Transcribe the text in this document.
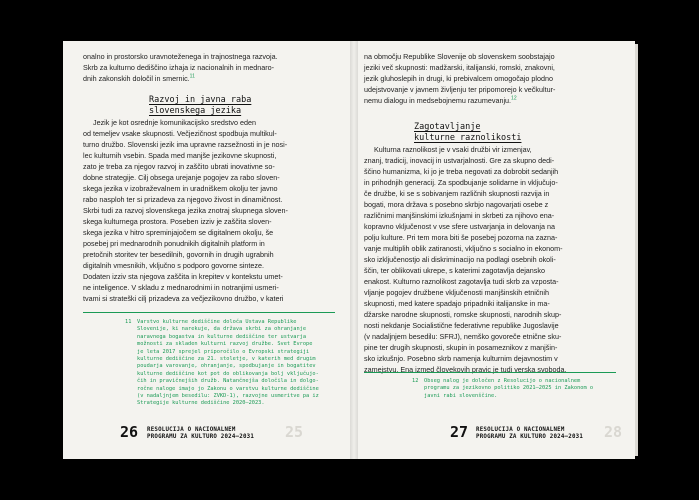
onalno in prostorsko uravnoteženega in trajnostnega razvoja.

Skrb za kulturno dediščino izhaja iz nacionalnih in mednaro-

dnih zakonskih določil in smernic.$^{11}$

Razvoj in javna raba
slovenskega jezika

Jezik je kot osrednje komunikacijsko sredstvo eden

od temeljev vsake skupnosti. Večjezičnost spodbuja multikul-

turno družbo. Slovenski jezik ima upravne razsežnosti in je nosi-

lec kulturnih vsebin. Spada med manjše jezikovne skupnosti,

zato je treba za njegov razvoj in zaščito ubrati inovativne so-

dobne strategije. Cilj obsega urejanje pogojev za rabo sloven-

skega jezika v izobraževalnem in uradniškem okolju ter javno

rabo nasploh ter si prizadeva za njegovo živost in dinamičnost.

Skrbi tudi za razvoj slovenskega jezika znotraj skupnega sloven-

skega kulturnega prostora. Poseben izziv je zaščita sloven-

skega jezika v hitro spreminjajočem se digitalnem okolju, še

posebej pri mednarodnih ponudnikih digitalnih platform in

pretočnih storitev ter besedilnih, govornih in drugih ugrabnih

digitalnih vmesnikih, vključno s podporo govorne sintezе.

Dodaten izziv sta njegova zaščita in krepitev v kontekstu umet-

ne inteligence. V skladu z mednarodnimi in notranjimi usmeri-

tvami si strateški cilj prizadeva za večjezikovno družbo, v kateri

11 Varstvo kulturne dediščine določa Ustava Republike
Slovenije, ki narekuje, da država skrbi za ohranjanje
naravnega bogastva in kulturne dediščine ter ustvarja
možnosti za skladen kulturni razvoj družbe. Svet Evrope
je leta 2017 sprejel priporočilo o Evropski strategiji
kulturne dediščine za 21. stoletje, v katerih med drugim
poudarja varovanje, ohranjanje, spodbujanje in bogatitev
kulturne dediščine kot pot do oblikovanja bolj vključujo-
čih in pravičnejših družb. Natančnejša določila in dolgo-
ročne naloge imajo jo Zakonu o varstvu kulturne dediščine
(v nadaljnjem besedilu: ZVKD-1), razvojne usmeritve pa iz
Strategije kulturne dediščine 2020–2023.
26 RESOLUCIJA O NACIONALNEM
PROGRAMU ZA KULTURO 2024–2031 25

na območju Republike Slovenije ob slovenskem soobstajajo

jeziki več skupnosti: madžarski, italijanski, romski, znakovni,

jezik gluhoslepih in drugi, ki prebivalcem omogočajo plodno

udejstvovanje v javnem življenju ter pripomorejo k večkultur-

nemu dialogu in medsebojnemu razumevanju.$^{12}$

Zagotavljanje
kulturne raznolikosti

Kulturna raznolikost je v vsaki družbi vir izmenjav,

znanj, tradicij, inovacij in ustvarjalnosti. Gre za skupno dedi-

ščino humanizma, ki jo je treba negovati za dobrobit sedanjih

in prihodnjih generacij. Za spodbujanje solidarne in vključujo-

če družbe, ki se s sobivanjem različnih skupnosti razvija in

bogati, mora država s posebno skrbjo nagovarjati osebe z

različnimi manjšinskimi izkušnjami in skrbeti za njihovo ena-

kopravno vključenost v vse sfere ustvarjanja in delovanja na

polju kulture. Pri tem mora biti še posebej pozorna na zazna-

vanje multiplih oblik zatiranosti, vključno s socialno in ekonom-

sko izključenostjo ali diskriminacijo na podlagi osebnih okoli-

ščin, ter oblikovati ukrepe, s katerimi zagotavlja dejansko

enakost. Kulturno raznolikost zagotavlja tudi skrb za vzposta-

vljanje pogojev družbene vključenosti manjšinskih etničnih

skupnosti, med katere spadajo pripadniki italijanske in ma-

džarske narodne skupnosti, romske skupnosti, narodnih skup-

nosti nekdanje Socialistične federativne republike Jugoslavije

(v nadaljnjem besedilu: SFRJ), nemško govoreče etnične sku-

pine ter drugih skupnosti, skupin in posameznikov z manjšin-

sko izkušnjo. Posebno skrb namenja kulturnim dejavnostim v

zamejstvu. Ena izmed človekovih pravic je tudi verska svoboda,

12 Obseg nalog je določen z Resolucijo o nacionalnem
programu za jezikovno politiko 2021–2025 in Zakonom o
javni rabi slovenščine.
27 RESOLUCIJA O NACIONALNEM
PROGRAMU ZA KULTURO 2024–2031 28
